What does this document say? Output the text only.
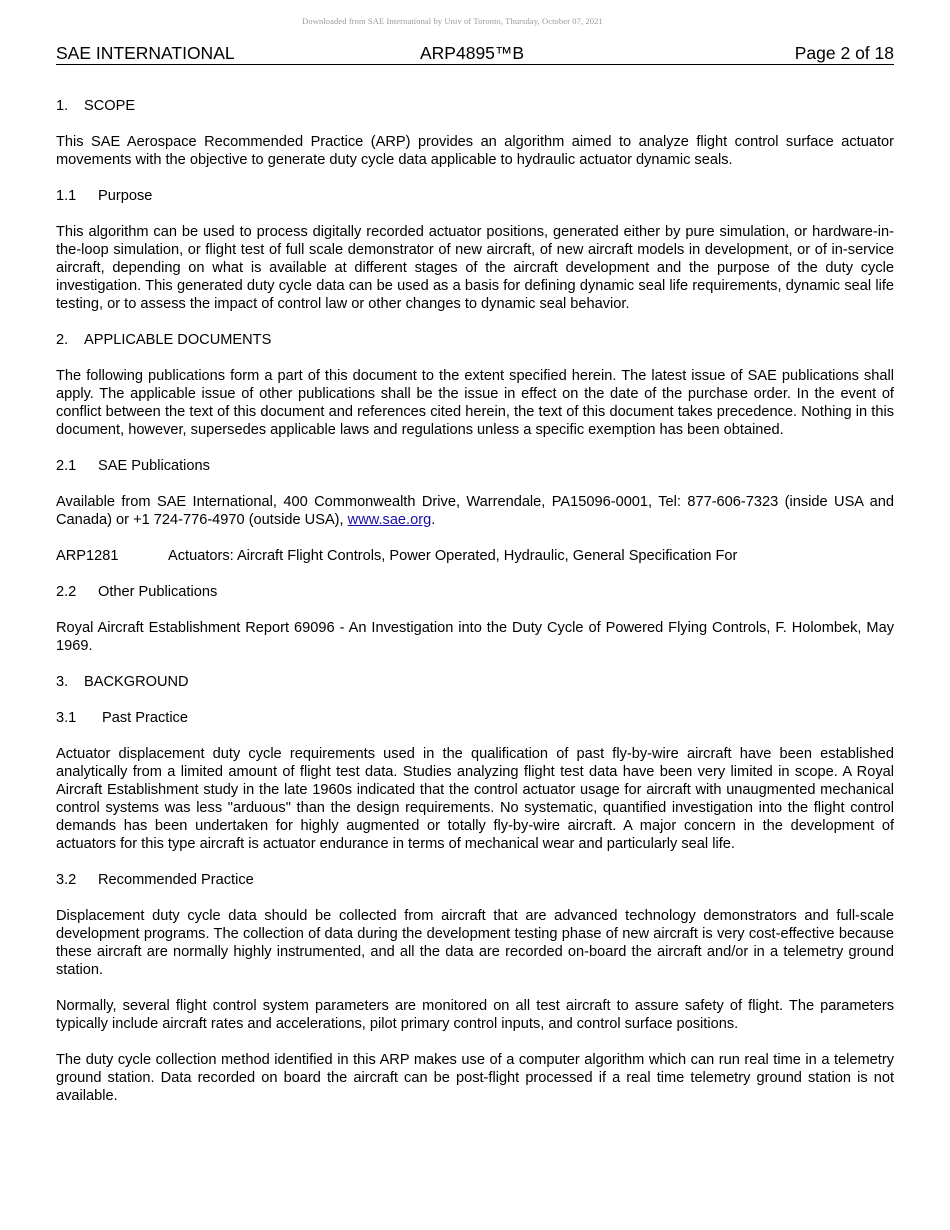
Downloaded from SAE International by Univ of Toronto, Thursday, October 07, 2021
SAE INTERNATIONAL	ARP4895™B	Page 2 of 18
1. SCOPE

This SAE Aerospace Recommended Practice (ARP) provides an algorithm aimed to analyze flight control surface actuator movements with the objective to generate duty cycle data applicable to hydraulic actuator dynamic seals.

1.1 Purpose

This algorithm can be used to process digitally recorded actuator positions, generated either by pure simulation, or hardware-in-the-loop simulation, or flight test of full scale demonstrator of new aircraft, of new aircraft models in development, or of in-service aircraft, depending on what is available at different stages of the aircraft development and the purpose of the duty cycle investigation. This generated duty cycle data can be used as a basis for defining dynamic seal life requirements, dynamic seal life testing, or to assess the impact of control law or other changes to dynamic seal behavior.

2. APPLICABLE DOCUMENTS

The following publications form a part of this document to the extent specified herein. The latest issue of SAE publications shall apply. The applicable issue of other publications shall be the issue in effect on the date of the purchase order. In the event of conflict between the text of this document and references cited herein, the text of this document takes precedence. Nothing in this document, however, supersedes applicable laws and regulations unless a specific exemption has been obtained.

2.1 SAE Publications

Available from SAE International, 400 Commonwealth Drive, Warrendale, PA15096-0001, Tel: 877-606-7323 (inside USA and Canada) or +1 724-776-4970 (outside USA), www.sae.org.

ARP1281	Actuators: Aircraft Flight Controls, Power Operated, Hydraulic, General Specification For
2.2 Other Publications

Royal Aircraft Establishment Report 69096 - An Investigation into the Duty Cycle of Powered Flying Controls, F. Holombek, May 1969.

3. BACKGROUND
3.1 Past Practice

Actuator displacement duty cycle requirements used in the qualification of past fly-by-wire aircraft have been established analytically from a limited amount of flight test data. Studies analyzing flight test data have been very limited in scope. A Royal Aircraft Establishment study in the late 1960s indicated that the control actuator usage for aircraft with unaugmented mechanical control systems was less "arduous" than the design requirements. No systematic, quantified investigation into the flight control demands has been undertaken for highly augmented or totally fly-by-wire aircraft. A major concern in the development of actuators for this type aircraft is actuator endurance in terms of mechanical wear and particularly seal life.

3.2 Recommended Practice

Displacement duty cycle data should be collected from aircraft that are advanced technology demonstrators and full-scale development programs. The collection of data during the development testing phase of new aircraft is very cost-effective because these aircraft are normally highly instrumented, and all the data are recorded on-board the aircraft and/or in a telemetry ground station.

Normally, several flight control system parameters are monitored on all test aircraft to assure safety of flight. The parameters typically include aircraft rates and accelerations, pilot primary control inputs, and control surface positions.

The duty cycle collection method identified in this ARP makes use of a computer algorithm which can run real time in a telemetry ground station. Data recorded on board the aircraft can be post-flight processed if a real time telemetry ground station is not available.
